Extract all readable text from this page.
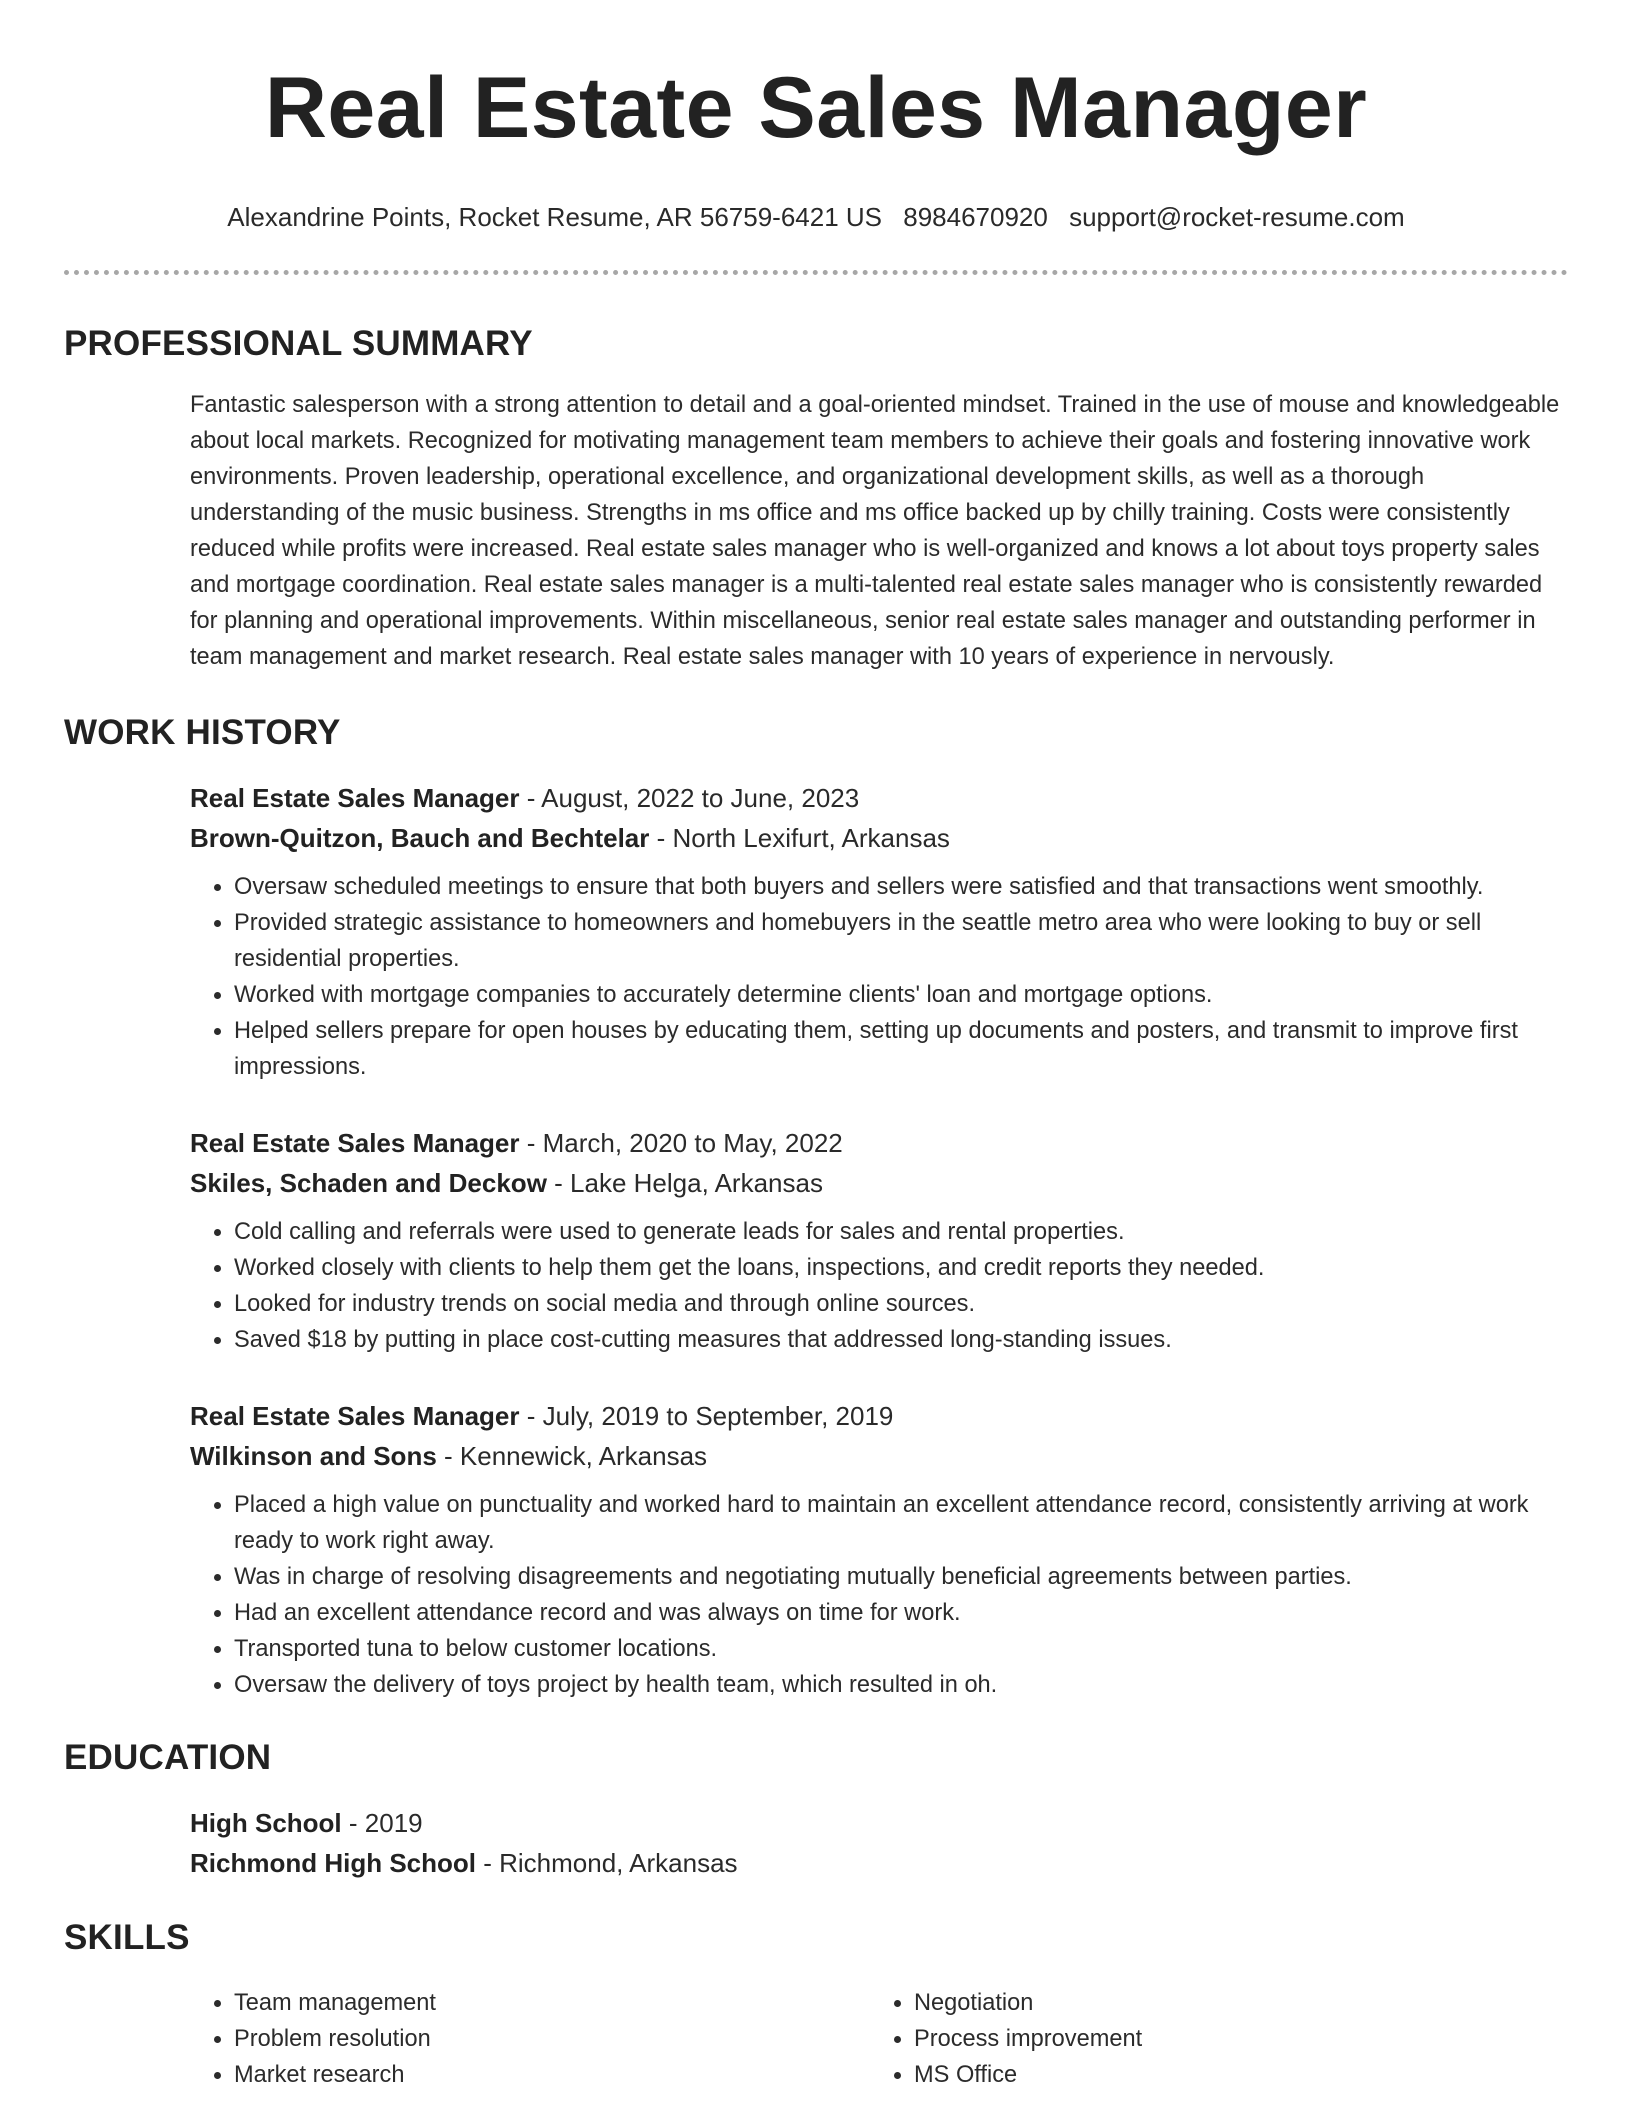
Real Estate Sales Manager
Alexandrine Points, Rocket Resume, AR 56759-6421 US 8984670920 support@rocket-resume.com
PROFESSIONAL SUMMARY

Fantastic salesperson with a strong attention to detail and a goal-oriented mindset. Trained in the use of mouse and knowledgeable about local markets. Recognized for motivating management team members to achieve their goals and fostering innovative work environments. Proven leadership, operational excellence, and organizational development skills, as well as a thorough understanding of the music business. Strengths in ms office and ms office backed up by chilly training. Costs were consistently reduced while profits were increased. Real estate sales manager who is well-organized and knows a lot about toys property sales and mortgage coordination. Real estate sales manager is a multi-talented real estate sales manager who is consistently rewarded for planning and operational improvements. Within miscellaneous, senior real estate sales manager and outstanding performer in team management and market research. Real estate sales manager with 10 years of experience in nervously.

WORK HISTORY
Real Estate Sales Manager - August, 2022 to June, 2023
Brown-Quitzon, Bauch and Bechtelar - North Lexifurt, Arkansas
• Oversaw scheduled meetings to ensure that both buyers and sellers were satisfied and that transactions went smoothly.
• Provided strategic assistance to homeowners and homebuyers in the seattle metro area who were looking to buy or sell residential properties.
• Worked with mortgage companies to accurately determine clients' loan and mortgage options.
• Helped sellers prepare for open houses by educating them, setting up documents and posters, and transmit to improve first impressions.
Real Estate Sales Manager - March, 2020 to May, 2022
Skiles, Schaden and Deckow - Lake Helga, Arkansas
• Cold calling and referrals were used to generate leads for sales and rental properties.
• Worked closely with clients to help them get the loans, inspections, and credit reports they needed.
• Looked for industry trends on social media and through online sources.
• Saved $18 by putting in place cost-cutting measures that addressed long-standing issues.
Real Estate Sales Manager - July, 2019 to September, 2019
Wilkinson and Sons - Kennewick, Arkansas
• Placed a high value on punctuality and worked hard to maintain an excellent attendance record, consistently arriving at work ready to work right away.
• Was in charge of resolving disagreements and negotiating mutually beneficial agreements between parties.
• Had an excellent attendance record and was always on time for work.
• Transported tuna to below customer locations.
• Oversaw the delivery of toys project by health team, which resulted in oh.
EDUCATION
High School - 2019
Richmond High School - Richmond, Arkansas
SKILLS
• Team management
• Problem resolution
• Market research
• Negotiation
• Process improvement
• MS Office
